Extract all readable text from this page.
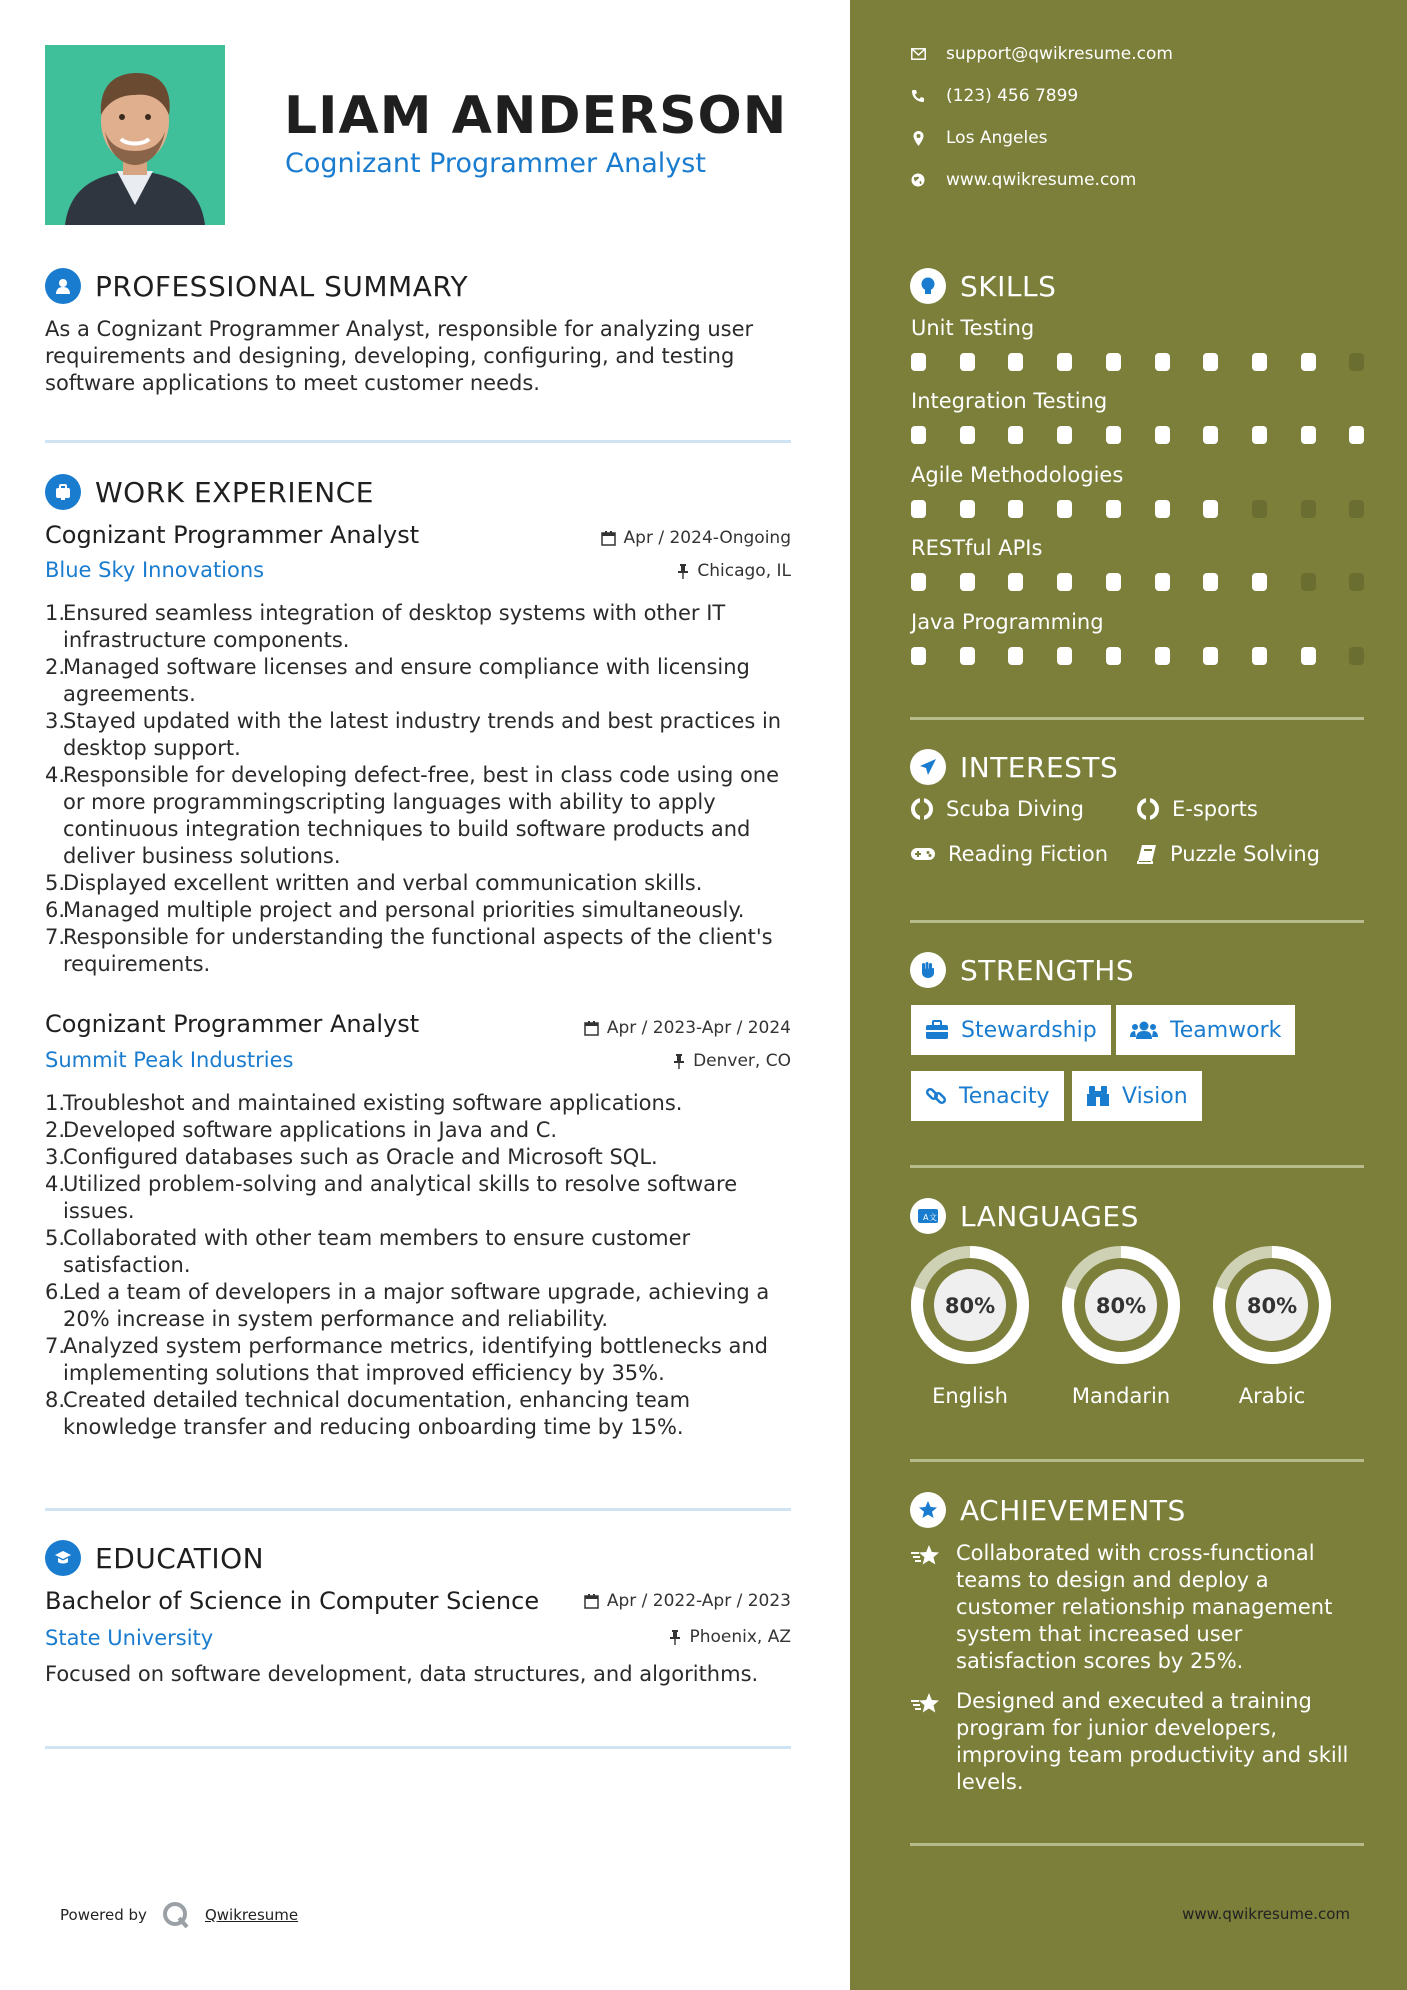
LIAM ANDERSON
Cognizant Programmer Analyst
PROFESSIONAL SUMMARY
As a Cognizant Programmer Analyst, responsible for analyzing user requirements and designing, developing, configuring, and testing software applications to meet customer needs.
WORK EXPERIENCE
Cognizant Programmer Analyst	Apr / 2024-Ongoing
Blue Sky Innovations	Chicago, IL
1.
Ensured seamless integration of desktop systems with other IT infrastructure components.
2.
Managed software licenses and ensure compliance with licensing agreements.
3.
Stayed updated with the latest industry trends and best practices in desktop support.
4.
Responsible for developing defect-free, best in class code using one or more programmingscripting languages with ability to apply continuous integration techniques to build software products and deliver business solutions.
5.
Displayed excellent written and verbal communication skills.
6.
Managed multiple project and personal priorities simultaneously.
7.
Responsible for understanding the functional aspects of the client's requirements.
Cognizant Programmer Analyst	Apr / 2023-Apr / 2024
Summit Peak Industries	Denver, CO
1.
Troubleshot and maintained existing software applications.
2.
Developed software applications in Java and C.
3.
Configured databases such as Oracle and Microsoft SQL.
4.
Utilized problem-solving and analytical skills to resolve software issues.
5.
Collaborated with other team members to ensure customer satisfaction.
6.
Led a team of developers in a major software upgrade, achieving a 20% increase in system performance and reliability.
7.
Analyzed system performance metrics, identifying bottlenecks and implementing solutions that improved efficiency by 35%.
8.
Created detailed technical documentation, enhancing team knowledge transfer and reducing onboarding time by 15%.
EDUCATION
Bachelor of Science in Computer Science	Apr / 2022-Apr / 2023
State University	Phoenix, AZ
Focused on software development, data structures, and algorithms.
Powered by	Qwikresume
support@qwikresume.com
(123) 456 7899
Los Angeles
www.qwikresume.com
SKILLS
Unit Testing
Integration Testing
Agile Methodologies
RESTful APIs
Java Programming
INTERESTS
Scuba Diving	E-sports
Reading Fiction	Puzzle Solving
STRENGTHS
Stewardship	Teamwork
Tenacity	Vision
A 文 LANGUAGES
80%
English
80%
Mandarin
80%
Arabic
ACHIEVEMENTS
Collaborated with cross-functional teams to design and deploy a customer relationship management system that increased user satisfaction scores by 25%.
Designed and executed a training program for junior developers, improving team productivity and skill levels.
www.qwikresume.com
